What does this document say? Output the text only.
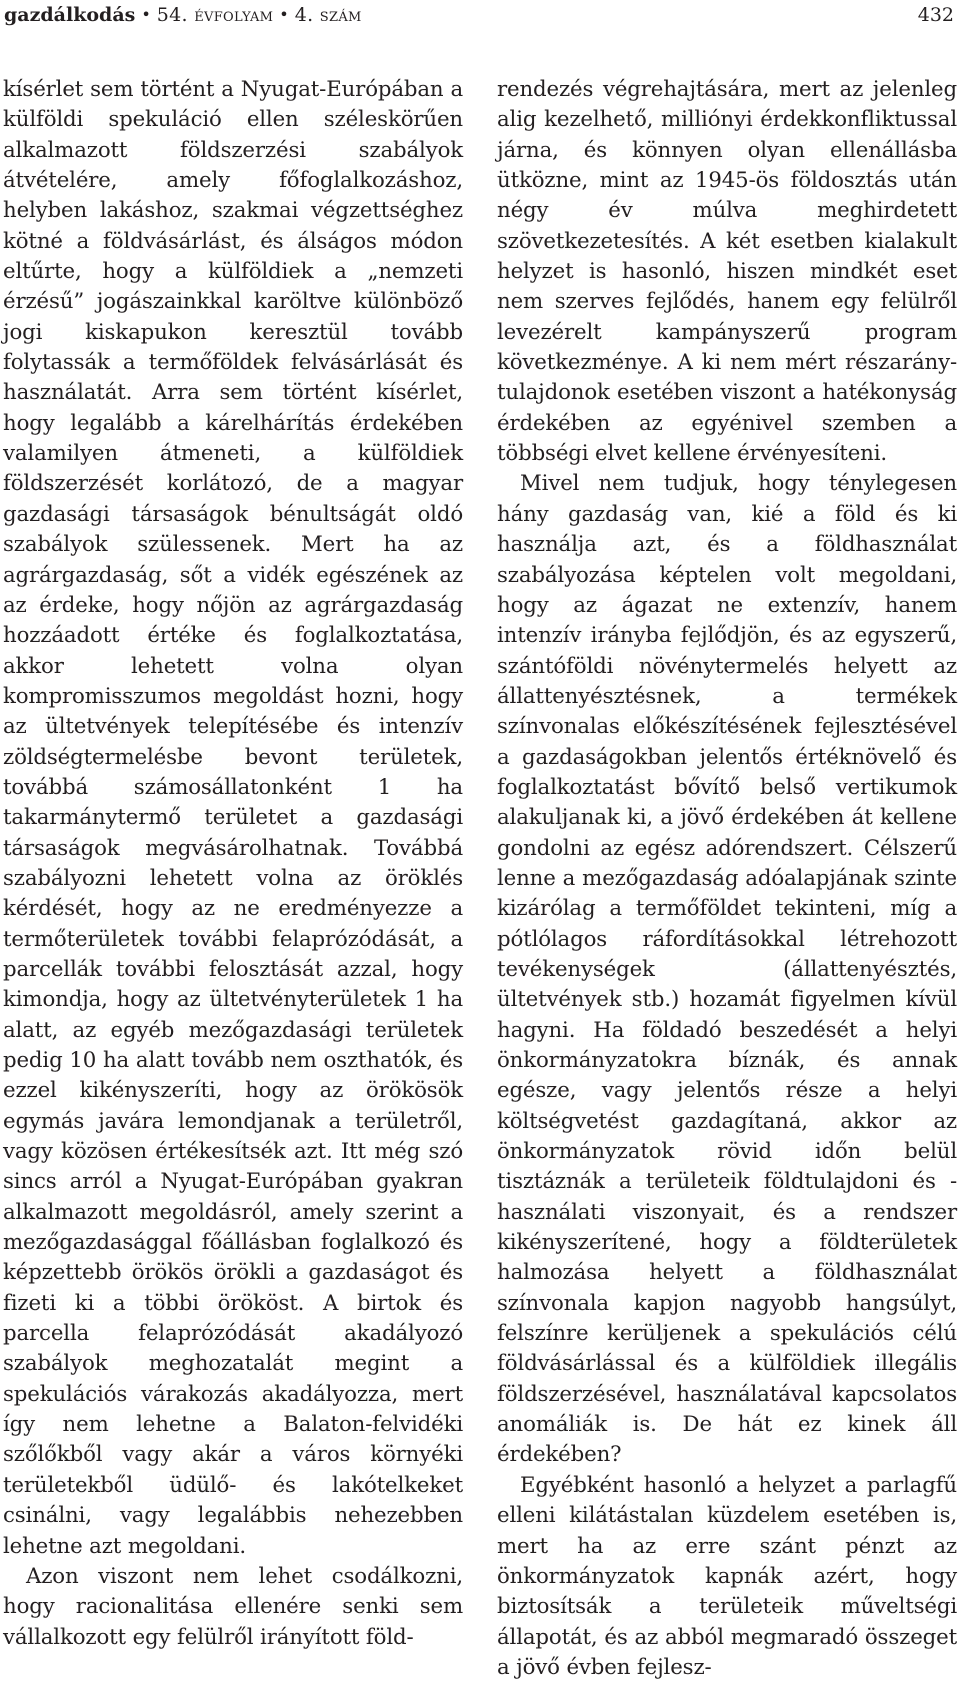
gazdálkodás • 54. évfolyam • 4. szám	432

kísérlet sem történt a Nyugat-Európában a külföldi spekuláció ellen széleskörűen alkalmazott földszerzési szabályok átvételére, amely főfoglalkozáshoz, helyben lakáshoz, szakmai végzettséghez kötné a földvásárlást, és álságos módon eltűrte, hogy a külföldiek a „nemzeti érzésű” jogászainkkal karöltve különböző jogi kiskapukon keresztül tovább folytassák a termőföldek felvásárlását és használatát. Arra sem történt kísérlet, hogy legalább a kárelhárítás érdekében valamilyen átmeneti, a külföldiek földszerzését korlátozó, de a magyar gazdasági társaságok bénultságát oldó szabályok szülessenek. Mert ha az agrárgazdaság, sőt a vidék egészének az az érdeke, hogy nőjön az agrárgazdaság hozzáadott értéke és foglalkoztatása, akkor lehetett volna olyan kompromisszumos megoldást hozni, hogy az ültetvények telepítésébe és intenzív zöldségtermelésbe bevont területek, továbbá számosállatonként 1 ha takarmánytermő területet a gazdasági társaságok megvásárolhatnak. Továbbá szabályozni lehetett volna az öröklés kérdését, hogy az ne eredményezze a termőterületek további felaprózódását, a parcellák további felosztását azzal, hogy kimondja, hogy az ültetvényterületek 1 ha alatt, az egyéb mezőgazdasági területek pedig 10 ha alatt tovább nem oszthatók, és ezzel kikényszeríti, hogy az örökösök egymás javára lemondjanak a területről, vagy közösen értékesítsék azt. Itt még szó sincs arról a Nyugat-Európában gyakran alkalmazott megoldásról, amely szerint a mezőgazdasággal főállásban foglalkozó és képzettebb örökös örökli a gazdaságot és fizeti ki a többi örököst. A birtok és parcella felaprózódását akadályozó szabályok meghozatalát megint a spekulációs várakozás akadályozza, mert így nem lehetne a Balaton-felvidéki szőlőkből vagy akár a város környéki területekből üdülő- és lakótelkeket csinálni, vagy legalábbis nehezebben lehetne azt megoldani.

Azon viszont nem lehet csodálkozni, hogy racionalitása ellenére senki sem vállalkozott egy felülről irányított föld-

rendezés végrehajtására, mert az jelenleg alig kezelhető, milliónyi érdekkonfliktussal járna, és könnyen olyan ellenállásba ütközne, mint az 1945-ös földosztás után négy év múlva meghirdetett szövetkezetesítés. A két esetben kialakult helyzet is hasonló, hiszen mindkét eset nem szerves fejlődés, hanem egy felülről levezérelt kampányszerű program következménye. A ki nem mért részarány-tulajdonok esetében viszont a hatékonyság érdekében az egyénivel szemben a többségi elvet kellene érvényesíteni.

Mivel nem tudjuk, hogy ténylegesen hány gazdaság van, kié a föld és ki használja azt, és a földhasználat szabályozása képtelen volt megoldani, hogy az ágazat ne extenzív, hanem intenzív irányba fejlődjön, és az egyszerű, szántóföldi növénytermelés helyett az állattenyésztésnek, a termékek színvonalas előkészítésének fejlesztésével a gazdaságokban jelentős értéknövelő és foglalkoztatást bővítő belső vertikumok alakuljanak ki, a jövő érdekében át kellene gondolni az egész adórendszert. Célszerű lenne a mezőgazdaság adóalapjának szinte kizárólag a termőföldet tekinteni, míg a pótlólagos ráfordításokkal létrehozott tevékenységek (állattenyésztés, ültetvények stb.) hozamát figyelmen kívül hagyni. Ha földadó beszedését a helyi önkormányzatokra bíznák, és annak egésze, vagy jelentős része a helyi költségvetést gazdagítaná, akkor az önkormányzatok rövid időn belül tisztáznák a területeik földtulajdoni és -használati viszonyait, és a rendszer kikényszerítené, hogy a földterületek halmozása helyett a földhasználat színvonala kapjon nagyobb hangsúlyt, felszínre kerüljenek a spekulációs célú földvásárlással és a külföldiek illegális földszerzésével, használatával kapcsolatos anomáliák is. De hát ez kinek áll érdekében?

Egyébként hasonló a helyzet a parlagfű elleni kilátástalan küzdelem esetében is, mert ha az erre szánt pénzt az önkormányzatok kapnák azért, hogy biztosítsák a területeik műveltségi állapotát, és az abból megmaradó összeget a jövő évben fejlesz-
